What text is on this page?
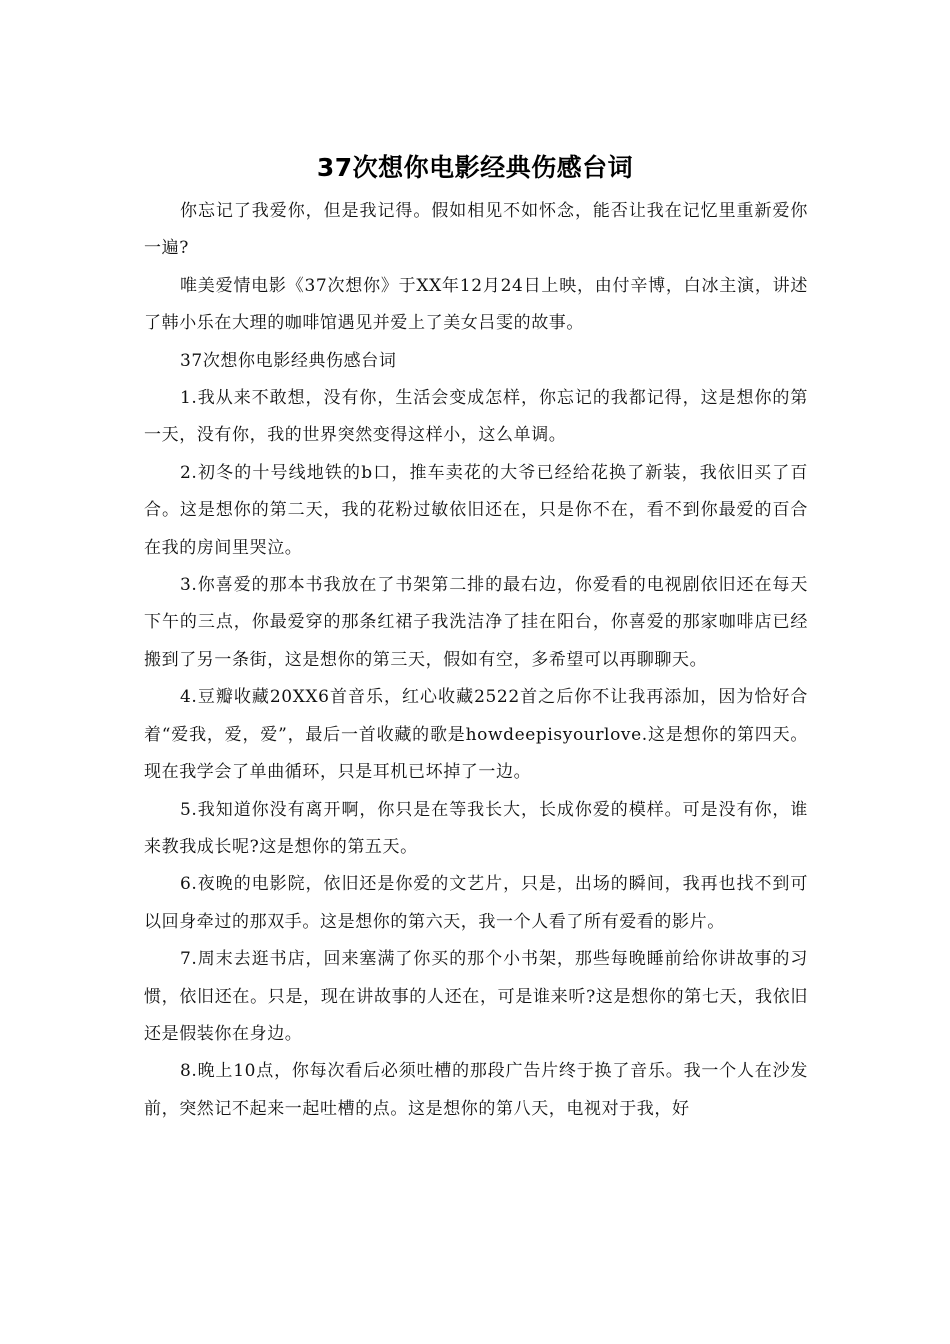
37次想你电影经典伤感台词

你忘记了我爱你，但是我记得。假如相见不如怀念，能否让我在记忆里重新爱你一遍?

唯美爱情电影《37次想你》于XX年12月24日上映，由付辛博，白冰主演，讲述了韩小乐在大理的咖啡馆遇见并爱上了美女吕雯的故事。

37次想你电影经典伤感台词

1.我从来不敢想，没有你，生活会变成怎样，你忘记的我都记得，这是想你的第一天，没有你，我的世界突然变得这样小，这么单调。

2.初冬的十号线地铁的b口，推车卖花的大爷已经给花换了新装，我依旧买了百合。这是想你的第二天，我的花粉过敏依旧还在，只是你不在，看不到你最爱的百合在我的房间里哭泣。

3.你喜爱的那本书我放在了书架第二排的最右边，你爱看的电视剧依旧还在每天下午的三点，你最爱穿的那条红裙子我洗洁净了挂在阳台，你喜爱的那家咖啡店已经搬到了另一条街，这是想你的第三天，假如有空，多希望可以再聊聊天。

4.豆瓣收藏20XX6首音乐，红心收藏2522首之后你不让我再添加，因为恰好合着“爱我，爱，爱”，最后一首收藏的歌是howdeepisyourlove.这是想你的第四天。现在我学会了单曲循环，只是耳机已坏掉了一边。

5.我知道你没有离开啊，你只是在等我长大，长成你爱的模样。可是没有你，谁来教我成长呢?这是想你的第五天。

6.夜晚的电影院，依旧还是你爱的文艺片，只是，出场的瞬间，我再也找不到可以回身牵过的那双手。这是想你的第六天，我一个人看了所有爱看的影片。

7.周末去逛书店，回来塞满了你买的那个小书架，那些每晚睡前给你讲故事的习惯，依旧还在。只是，现在讲故事的人还在，可是谁来听?这是想你的第七天，我依旧还是假装你在身边。

8.晚上10点，你每次看后必须吐槽的那段广告片终于换了音乐。我一个人在沙发前，突然记不起来一起吐槽的点。这是想你的第八天，电视对于我，好
